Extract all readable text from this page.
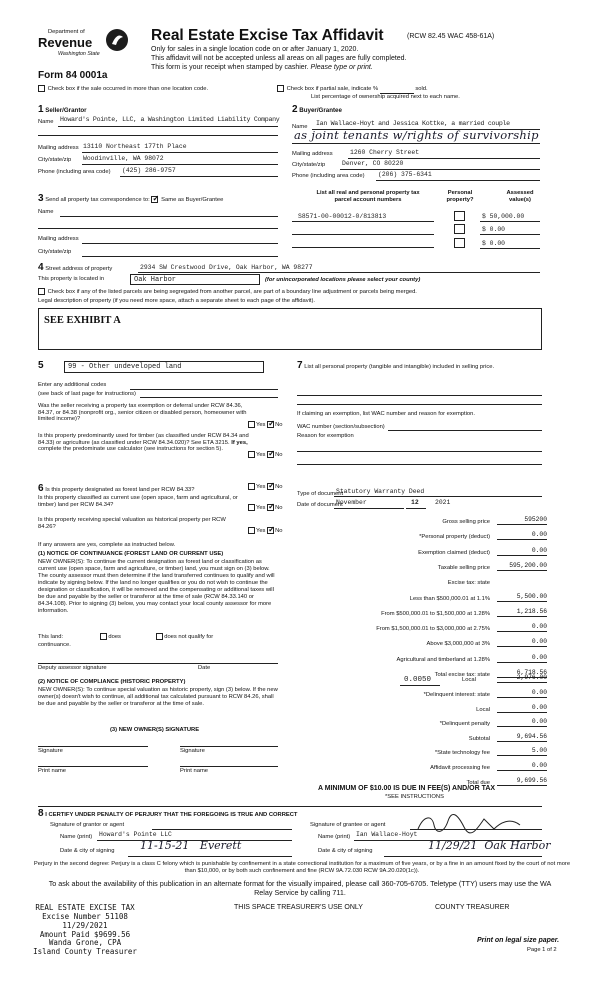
Department of
Revenue
Washington State
Form 84 0001a
Real Estate Excise Tax Affidavit	(RCW 82.45 WAC 458-61A)
Only for sales in a single location code on or after January 1, 2020.
This affidavit will not be accepted unless all areas on all pages are fully completed.
This form is your receipt when stamped by cashier. Please type or print.
Check box if the sale occurred in more than one location code.	Check box if partial sale, indicate %	sold.
List percentage of ownership acquired next to each name.
1 Seller/Grantor
Name Howard's Pointe, LLC, a Washington Limited Liability Company
Mailing address 13110 Northeast 177th Place
City/state/zip Woodinville, WA 98072
Phone (including area code) (425) 286-9757
2 Buyer/Grantee
Name Ian Wallace-Hoyt and Jessica Kottke, a married couple
as joint tenants w/rights of survivorship
Mailing address	1260 Cherry Street
City/state/zip	Denver, CO 80220
Phone (including area code) (206) 375-6341
3 Send all property tax correspondence to: ✓ Same as Buyer/Grantee
Name
Mailing address
City/state/zip
List all real and personal property tax
parcel account numbers
Personal
property?
Assessed
value(s)
S8571-00-00012-0/813813	$ 50,000.00
$ 0.00
$ 0.00
4 Street address of property	2934 SW Crestwood Drive, Oak Harbor, WA 98277
This property is located in	Oak Harbor	(for unincorporated locations please select your county)
Check box if any of the listed parcels are being segregated from another parcel, are part of a boundary line adjustment or parcels being merged.
Legal description of property (if you need more space, attach a separate sheet to each page of the affidavit).
SEE EXHIBIT A
5	99 - Other undeveloped land
Enter any additional codes
(see back of last page for instructions)
Was the seller receiving a property tax exemption or deferral under RCW 84.36, 84.37, or 84.38 (nonprofit org., senior citizen or disabled person, homeowner with limited income)?
Yes ✓ No
Is this property predominantly used for timber (as classified under RCW 84.34 and 84.33) or agriculture (as classified under RCW 84.34.020)? See ETA 3215. If yes, complete the predominate use calculator (see instructions for section 5).
Yes ✓ No
6 Is this property designated as forest land per RCW 84.33?	Yes ✓ No
Is this property classified as current use (open space, farm and agricultural, or timber) land per RCW 84.34?
Yes ✓ No
Is this property receiving special valuation as historical property per RCW 84.26?
Yes ✓ No
If any answers are yes, complete as instructed below.
(1) NOTICE OF CONTINUANCE (FOREST LAND OR CURRENT USE)
NEW OWNER(S): To continue the current designation as forest land or classification as current use (open space, farm and agriculture, or timber) land, you must sign on (3) below. The county assessor must then determine if the land transferred continues to qualify and will indicate by signing below. If the land no longer qualifies or you do not wish to continue the designation or classification, it will be removed and the compensating or additional taxes will be due and payable by the seller or transferor at the time of sale (RCW 84.33.140 or 84.34.108). Prior to signing (3) below, you may contact your local county assessor for more information.
This land:	does	does not qualify for
continuance.
Deputy assessor signature	Date
(2) NOTICE OF COMPLIANCE (HISTORIC PROPERTY)
NEW OWNER(S): To continue special valuation as historic property, sign (3) below. If the new owner(s) doesn't wish to continue, all additional tax calculated pursuant to RCW 84.26, shall be due and payable by the seller or transferor at the time of sale.
(3) NEW OWNER(S) SIGNATURE
Signature	Signature
Print name	Print name
7 List all personal property (tangible and intangible) included in selling price.
If claiming an exemption, list WAC number and reason for exemption.
WAC number (section/subsection)
Reason for exemption
Type of document
Statutory Warranty Deed
Date of document
November	12	2021
Gross selling price	595200
*Personal property (deduct)	0.00
Exemption claimed (deduct)	0.00
Taxable selling price	595,200.00
Excise tax: state
Less than $500,000.01 at 1.1%	5,500.00
From $500,000.01 to $1,500,000 at 1.28%	1,218.56
From $1,500,000.01 to $3,000,000 at 2.75%	0.00
Above $3,000,000 at 3%	0.00
Agricultural and timberland at 1.28%	0.00
Total excise tax: state	6,718.56
0.0050	Local	2,976.00
*Delinquent interest: state	0.00
Local	0.00
*Delinquent penalty	0.00
Subtotal	9,694.56
*State technology fee	5.00
Affidavit processing fee	0.00
Total due	9,699.56
A MINIMUM OF $10.00 IS DUE IN FEE(S) AND/OR TAX
*SEE INSTRUCTIONS
8 I CERTIFY UNDER PENALTY OF PERJURY THAT THE FOREGOING IS TRUE AND CORRECT
Signature of grantor or agent
Name (print) Howard's Pointe LLC
Date & city of signing 11-15-21   Everett
Signature of grantee or agent
Name (print) Ian Wallace-Hoyt
Date & city of signing	11/29/21  Oak Harbor
Perjury in the second degree: Perjury is a class C felony which is punishable by confinement in a state correctional institution for a maximum of five years, or by a fine in an amount fixed by the court of not more than $10,000, or by both such confinement and fine (RCW 9A.72.030 RCW 9A.20.020(1c)).
To ask about the availability of this publication in an alternate format for the visually impaired, please call 360-705-6705. Teletype (TTY) users may use the WA Relay Service by calling 711.
REAL ESTATE EXCISE TAX
Excise Number 51108
11/29/2021
Amount Paid $9699.56
Wanda Grone, CPA
Island County Treasurer
THIS SPACE TREASURER'S USE ONLY	COUNTY TREASURER
Print on legal size paper.
Page 1 of 2
